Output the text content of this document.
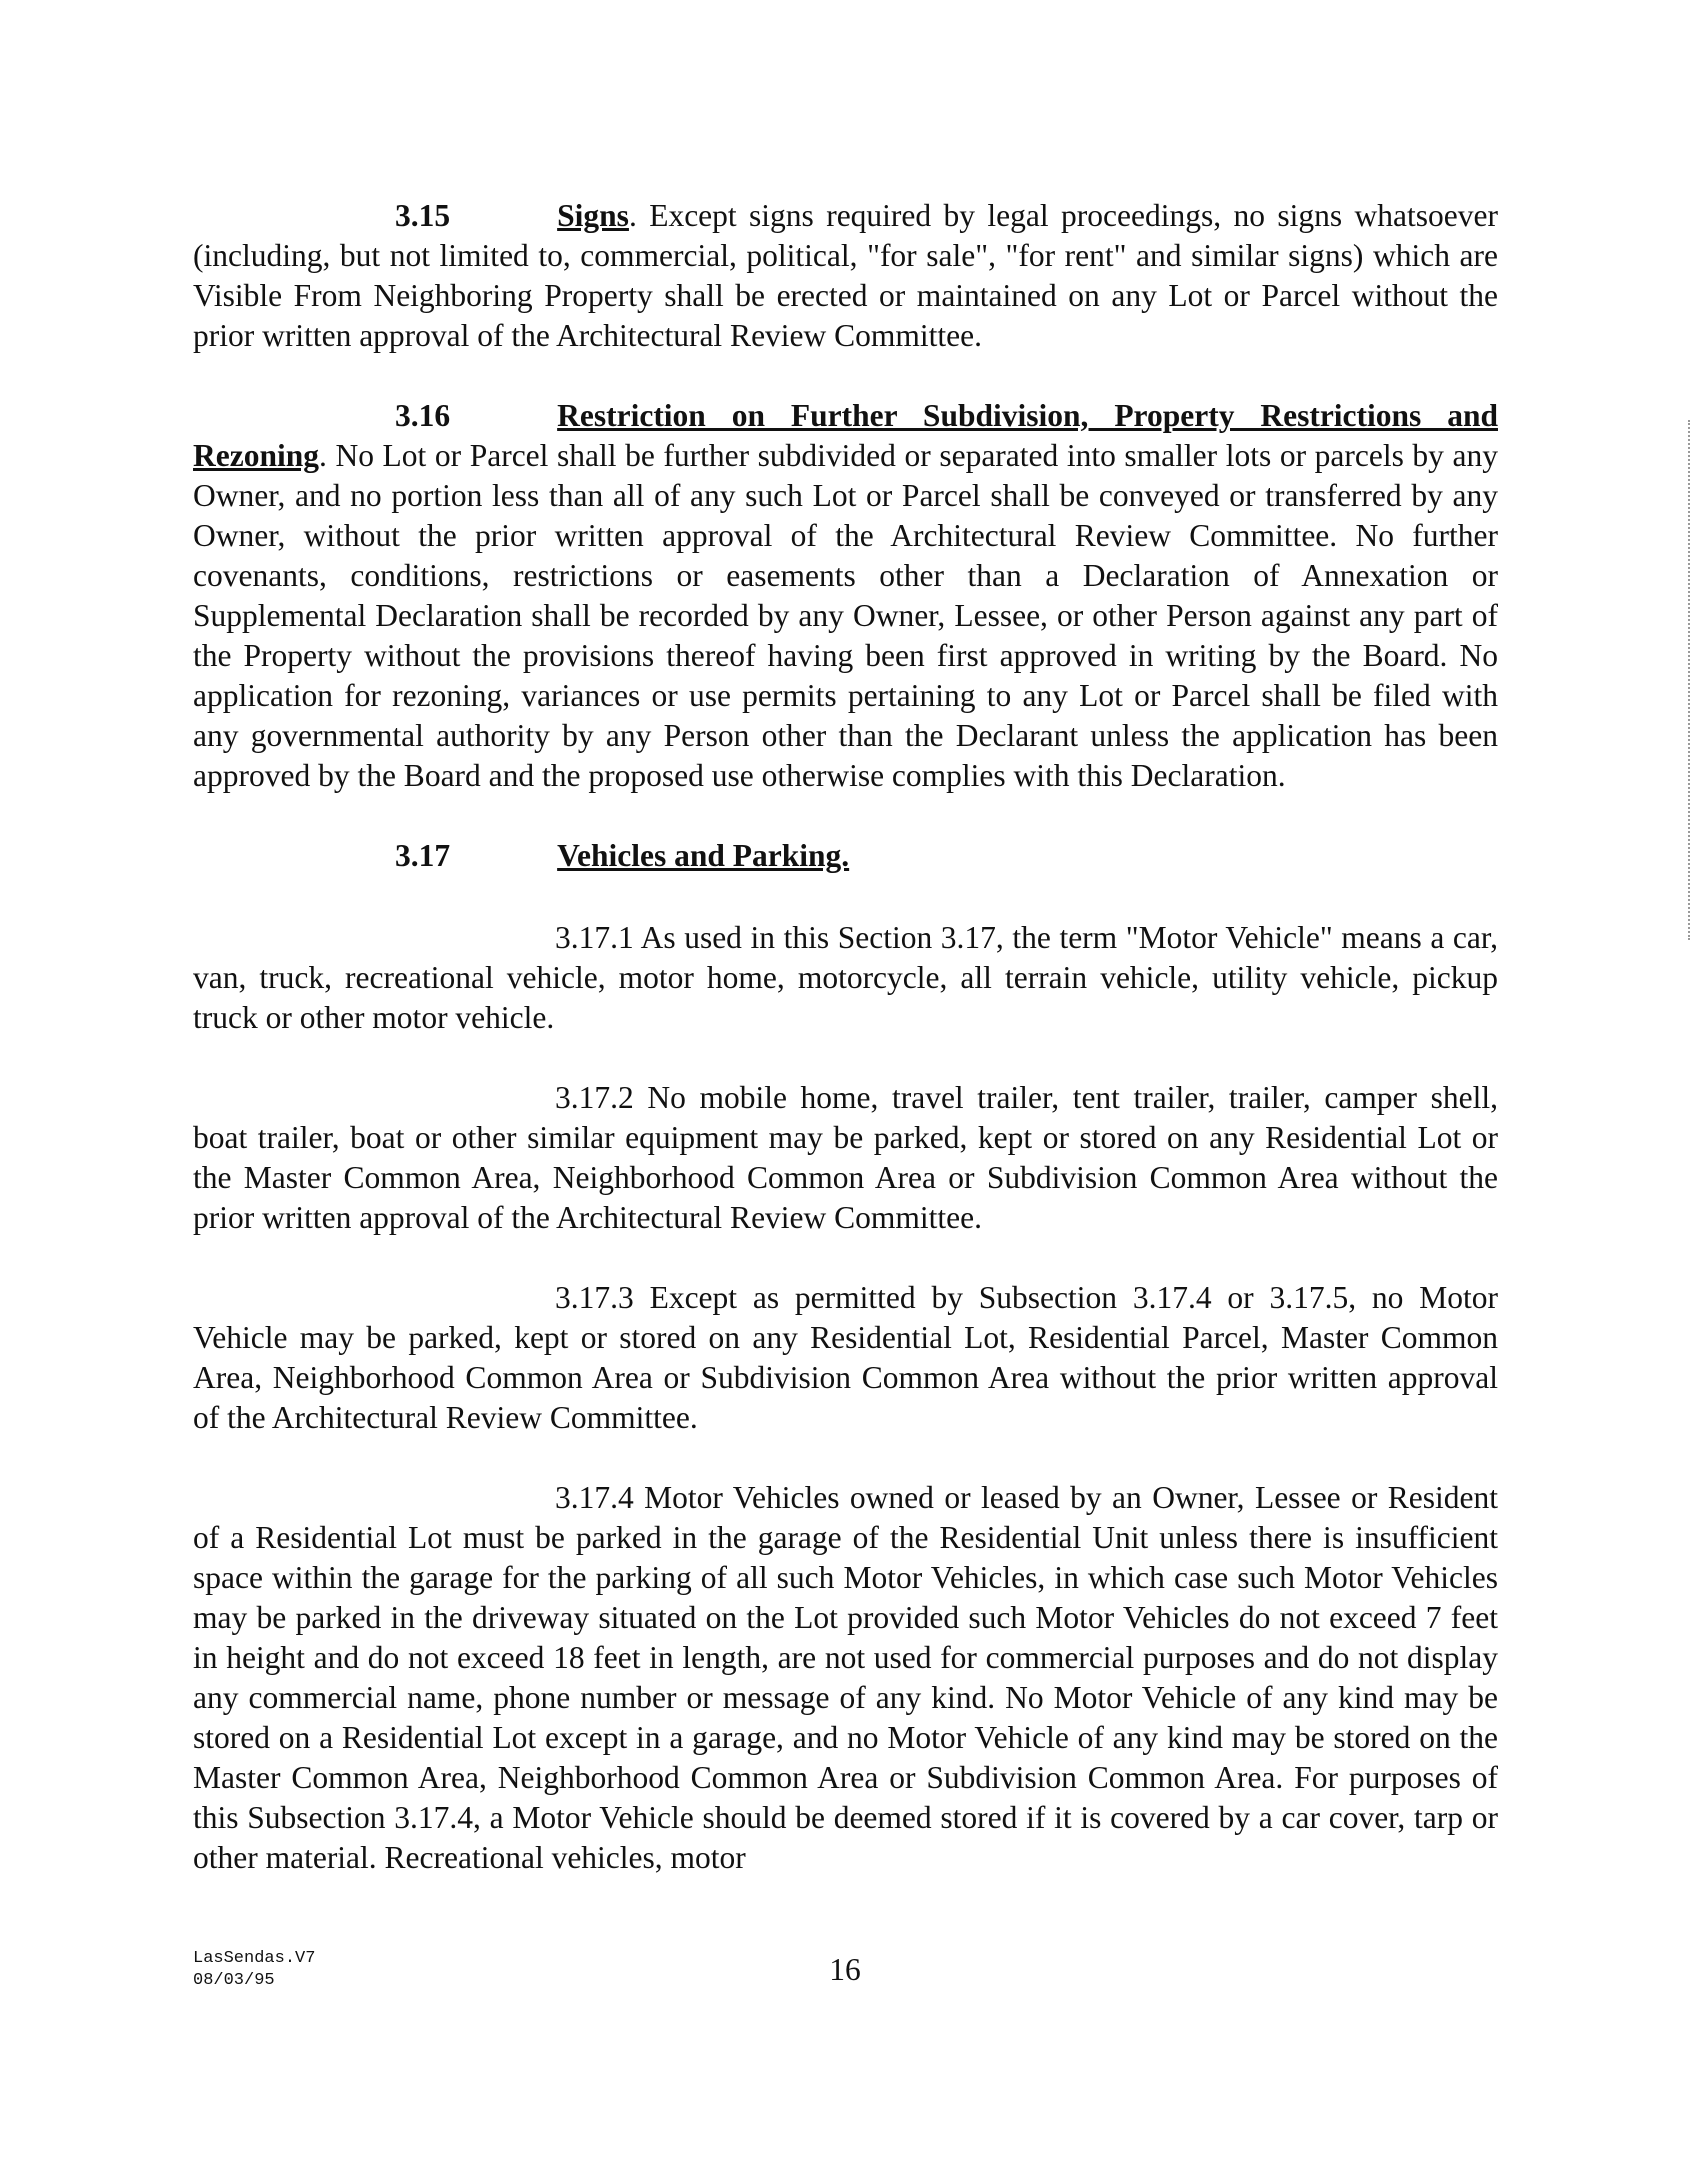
3.15	Signs. Except signs required by legal proceedings, no signs whatsoever (including, but not limited to, commercial, political, "for sale", "for rent" and similar signs) which are Visible From Neighboring Property shall be erected or maintained on any Lot or Parcel without the prior written approval of the Architectural Review Committee.

3.16	Restriction on Further Subdivision, Property Restrictions and Rezoning. No Lot or Parcel shall be further subdivided or separated into smaller lots or parcels by any Owner, and no portion less than all of any such Lot or Parcel shall be conveyed or transferred by any Owner, without the prior written approval of the Architectural Review Committee. No further covenants, conditions, restrictions or easements other than a Declaration of Annexation or Supplemental Declaration shall be recorded by any Owner, Lessee, or other Person against any part of the Property without the provisions thereof having been first approved in writing by the Board. No application for rezoning, variances or use permits pertaining to any Lot or Parcel shall be filed with any governmental authority by any Person other than the Declarant unless the application has been approved by the Board and the proposed use otherwise complies with this Declaration.

3.17	Vehicles and Parking.

3.17.1 As used in this Section 3.17, the term "Motor Vehicle" means a car, van, truck, recreational vehicle, motor home, motorcycle, all terrain vehicle, utility vehicle, pickup truck or other motor vehicle.

3.17.2 No mobile home, travel trailer, tent trailer, trailer, camper shell, boat trailer, boat or other similar equipment may be parked, kept or stored on any Residential Lot or the Master Common Area, Neighborhood Common Area or Subdivision Common Area without the prior written approval of the Architectural Review Committee.

3.17.3 Except as permitted by Subsection 3.17.4 or 3.17.5, no Motor Vehicle may be parked, kept or stored on any Residential Lot, Residential Parcel, Master Common Area, Neighborhood Common Area or Subdivision Common Area without the prior written approval of the Architectural Review Committee.

3.17.4 Motor Vehicles owned or leased by an Owner, Lessee or Resident of a Residential Lot must be parked in the garage of the Residential Unit unless there is insufficient space within the garage for the parking of all such Motor Vehicles, in which case such Motor Vehicles may be parked in the driveway situated on the Lot provided such Motor Vehicles do not exceed 7 feet in height and do not exceed 18 feet in length, are not used for commercial purposes and do not display any commercial name, phone number or message of any kind. No Motor Vehicle of any kind may be stored on a Residential Lot except in a garage, and no Motor Vehicle of any kind may be stored on the Master Common Area, Neighborhood Common Area or Subdivision Common Area. For purposes of this Subsection 3.17.4, a Motor Vehicle should be deemed stored if it is covered by a car cover, tarp or other material. Recreational vehicles, motor

LasSendas.V7
08/03/95	16
